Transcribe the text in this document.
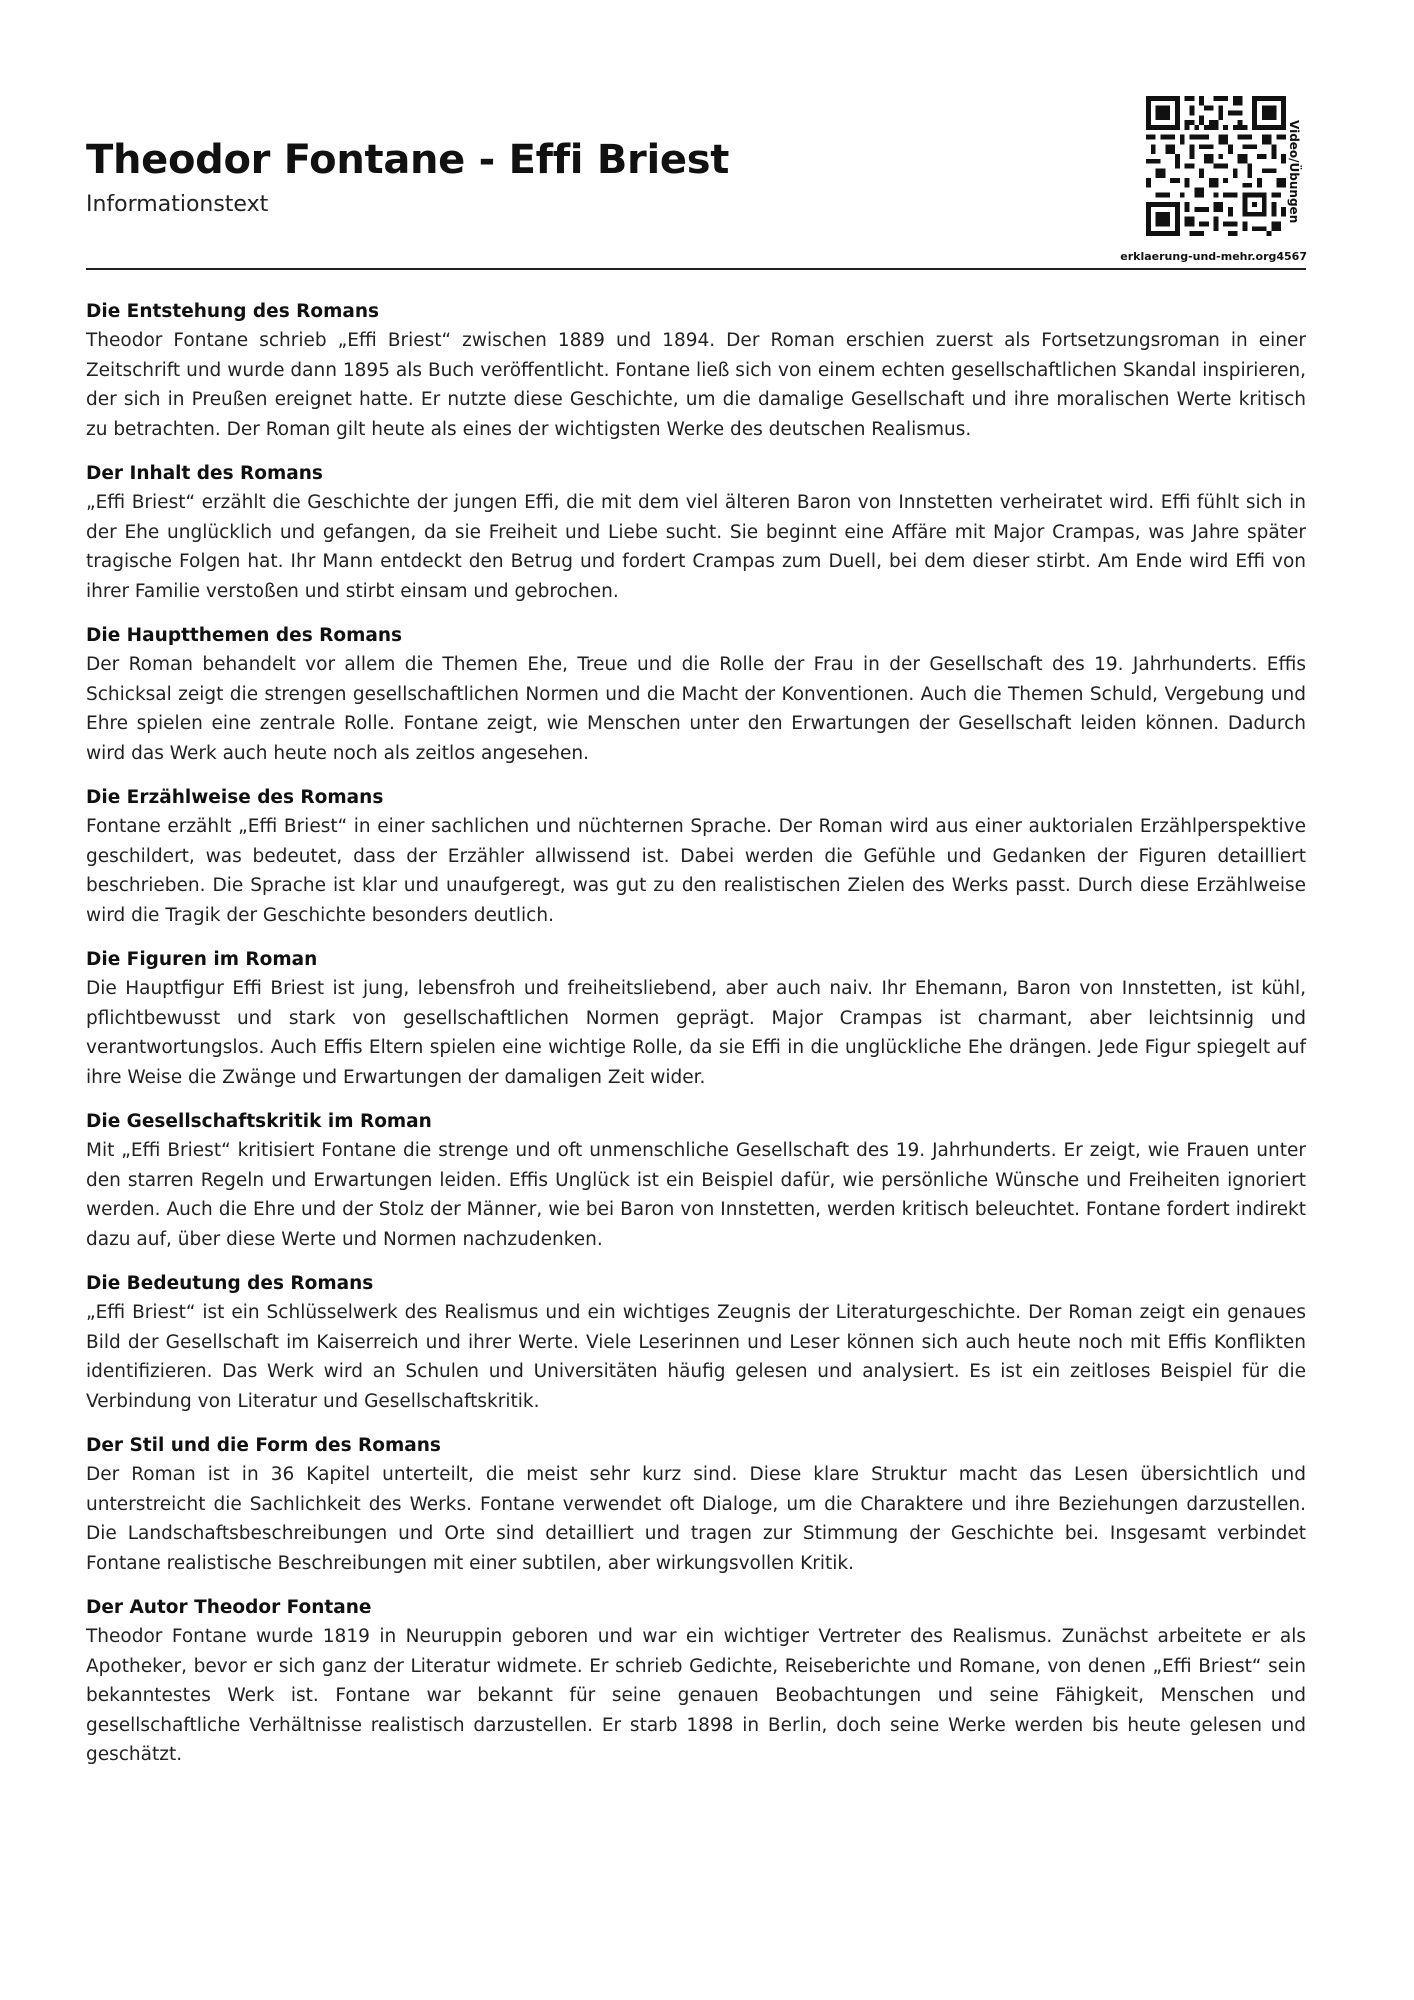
Theodor Fontane - Effi Briest
Informationstext	Video/Übungen
erklaerung-und-mehr.org4567
Die Entstehung des Romans

Theodor Fontane schrieb „Effi Briest“ zwischen 1889 und 1894. Der Roman erschien zuerst als Fortsetzungsroman in einer Zeitschrift und wurde dann 1895 als Buch veröffentlicht. Fontane ließ sich von einem echten gesellschaftlichen Skandal inspirieren, der sich in Preußen ereignet hatte. Er nutzte diese Geschichte, um die damalige Gesellschaft und ihre moralischen Werte kritisch zu betrachten. Der Roman gilt heute als eines der wichtigsten Werke des deutschen Realismus.

Der Inhalt des Romans

„Effi Briest“ erzählt die Geschichte der jungen Effi, die mit dem viel älteren Baron von Innstetten verheiratet wird. Effi fühlt sich in der Ehe unglücklich und gefangen, da sie Freiheit und Liebe sucht. Sie beginnt eine Affäre mit Major Crampas, was Jahre später tragische Folgen hat. Ihr Mann entdeckt den Betrug und fordert Crampas zum Duell, bei dem dieser stirbt. Am Ende wird Effi von ihrer Familie verstoßen und stirbt einsam und gebrochen.

Die Hauptthemen des Romans

Der Roman behandelt vor allem die Themen Ehe, Treue und die Rolle der Frau in der Gesellschaft des 19. Jahrhunderts. Effis Schicksal zeigt die strengen gesellschaftlichen Normen und die Macht der Konventionen. Auch die Themen Schuld, Vergebung und Ehre spielen eine zentrale Rolle. Fontane zeigt, wie Menschen unter den Erwartungen der Gesellschaft leiden können. Dadurch wird das Werk auch heute noch als zeitlos angesehen.

Die Erzählweise des Romans

Fontane erzählt „Effi Briest“ in einer sachlichen und nüchternen Sprache. Der Roman wird aus einer auktorialen Erzählperspektive geschildert, was bedeutet, dass der Erzähler allwissend ist. Dabei werden die Gefühle und Gedanken der Figuren detailliert beschrieben. Die Sprache ist klar und unaufgeregt, was gut zu den realistischen Zielen des Werks passt. Durch diese Erzählweise wird die Tragik der Geschichte besonders deutlich.

Die Figuren im Roman

Die Hauptfigur Effi Briest ist jung, lebensfroh und freiheitsliebend, aber auch naiv. Ihr Ehemann, Baron von Innstetten, ist kühl, pflichtbewusst und stark von gesellschaftlichen Normen geprägt. Major Crampas ist charmant, aber leichtsinnig und verantwortungslos. Auch Effis Eltern spielen eine wichtige Rolle, da sie Effi in die unglückliche Ehe drängen. Jede Figur spiegelt auf ihre Weise die Zwänge und Erwartungen der damaligen Zeit wider.

Die Gesellschaftskritik im Roman

Mit „Effi Briest“ kritisiert Fontane die strenge und oft unmenschliche Gesellschaft des 19. Jahrhunderts. Er zeigt, wie Frauen unter den starren Regeln und Erwartungen leiden. Effis Unglück ist ein Beispiel dafür, wie persönliche Wünsche und Freiheiten ignoriert werden. Auch die Ehre und der Stolz der Männer, wie bei Baron von Innstetten, werden kritisch beleuchtet. Fontane fordert indirekt dazu auf, über diese Werte und Normen nachzudenken.

Die Bedeutung des Romans

„Effi Briest“ ist ein Schlüsselwerk des Realismus und ein wichtiges Zeugnis der Literaturgeschichte. Der Roman zeigt ein genaues Bild der Gesellschaft im Kaiserreich und ihrer Werte. Viele Leserinnen und Leser können sich auch heute noch mit Effis Konflikten identifizieren. Das Werk wird an Schulen und Universitäten häufig gelesen und analysiert. Es ist ein zeitloses Beispiel für die Verbindung von Literatur und Gesellschaftskritik.

Der Stil und die Form des Romans

Der Roman ist in 36 Kapitel unterteilt, die meist sehr kurz sind. Diese klare Struktur macht das Lesen übersichtlich und unterstreicht die Sachlichkeit des Werks. Fontane verwendet oft Dialoge, um die Charaktere und ihre Beziehungen darzustellen. Die Landschaftsbeschreibungen und Orte sind detailliert und tragen zur Stimmung der Geschichte bei. Insgesamt verbindet Fontane realistische Beschreibungen mit einer subtilen, aber wirkungsvollen Kritik.

Der Autor Theodor Fontane

Theodor Fontane wurde 1819 in Neuruppin geboren und war ein wichtiger Vertreter des Realismus. Zunächst arbeitete er als Apotheker, bevor er sich ganz der Literatur widmete. Er schrieb Gedichte, Reiseberichte und Romane, von denen „Effi Briest“ sein bekanntestes Werk ist. Fontane war bekannt für seine genauen Beobachtungen und seine Fähigkeit, Menschen und gesellschaftliche Verhältnisse realistisch darzustellen. Er starb 1898 in Berlin, doch seine Werke werden bis heute gelesen und geschätzt.
